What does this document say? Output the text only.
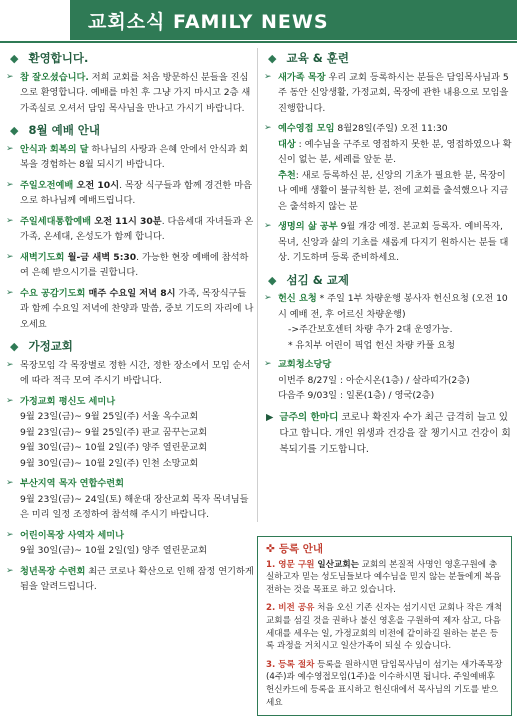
교회소식 FAMILY NEWS
◆ 환영합니다.
➢ 참 잘오셨습니다. 저희 교회를 처음 방문하신 분들을 진심으로 환영합니다. 예배를 마친 후 그냥 가지 마시고 2층 새가족실로 오셔서 담임 목사님을 만나고 가시기 바랍니다.
◆ 8월 예배 안내
➢ 안식과 회복의 달 하나님의 사랑과 은혜 안에서 안식과 회복을 경험하는 8월 되시기 바랍니다.
➢ 주일오전예배 오전 10시. 목장 식구들과 함께 경건한 마음으로 하나님께 예배드립니다.
➢ 주일세대통합예배 오전 11시 30분. 다음세대 자녀들과 온가족, 온세대, 온성도가 함께 합니다.
➢ 새벽기도회 월-금 새벽 5:30. 가능한 현장 예배에 참석하여 은혜 받으시기를 권합니다.
➢ 수요 공감기도회 매주 수요일 저녁 8시 가족, 목장식구들과 함께 수요일 저녁에 찬양과 말씀, 중보 기도의 자리에 나오세요
◆ 가정교회
➢ 목장모임 각 목장별로 정한 시간, 정한 장소에서 모임 순서에 따라 적극 모여 주시기 바랍니다.
➢ 가정교회 평신도 세미나
9월 23일(금)~ 9월 25일(주) 서울 옥수교회
9월 23일(금)~ 9월 25일(주) 판교 꿈꾸는교회
9월 30일(금)~ 10월 2일(주) 양주 열린문교회
9월 30일(금)~ 10월 2일(주) 인천 소망교회
➢ 부산지역 목자 연합수련회
9월 23일(금)~ 24일(토) 해운대 장산교회 목자 목녀님들은 미리 일정 조정하여 참석해 주시기 바랍니다.
➢ 어린이목장 사역자 세미나
9월 30일(금)~ 10월 2일(일) 양주 열린문교회
➢ 청년목장 수련회 최근 코로나 확산으로 인해 잠정 연기하게 됨을 알려드립니다.
◆ 교육 & 훈련
➢ 새가족 목장 우리 교회 등록하시는 분들은 담임목사님과 5주 동안 신앙생활, 가정교회, 목장에 관한 내용으로 모임을 진행합니다.
➢ 예수영접 모임 8월28일(주일) 오전 11:30
대상 : 예수님을 구주로 영접하지 못한 분, 영접하였으나 확신이 없는 분, 세례를 앞둔 분.
추천: 새로 등록하신 분, 신앙의 기초가 필요한 분, 목장이나 예배 생활이 불규칙한 분, 전에 교회를 출석했으나 지금은 출석하지 않는 분
➢ 생명의 삶 공부 9월 개강 예정. 본교회 등록자. 예비목자, 목녀, 신앙과 삶의 기초를 새롭게 다지기 원하시는 분들 대상. 기도하며 등록 준비하세요.
◆ 섬김 & 교제
➢ 헌신 요청 * 주일 1부 차량운행 봉사자 헌신요청 (오전 10시 예배 전, 후 어르신 차량운행)
->주간보호센터 차량 추가 2대 운영가능.
* 유치부 어린이 픽업 헌신 차량 카풀 요청
➢ 교회청소당당
이번주 8/27일 : 아순시온(1층) / 살라띠가(2층)
다음주 9/03일 : 일론(1층) / 영국(2층)
▶ 금주의 한마디 코로나 확진자 수가 최근 급격히 늘고 있다고 합니다. 개인 위생과 건강을 잘 챙기시고 건강이 회복되기를 기도합니다.
✜ 등록 안내

1. 영문 구원 일산교회는 교회의 본질적 사명인 영혼구원에 충실하고자 믿는 성도님들보다 예수님을 믿지 않는 분들에게 복음 전하는 것을 목표로 하고 있습니다.

2. 비전 공유 처음 오신 기존 신자는 섬기시던 교회나 작은 개척교회를 섬길 것을 권하나 불신 영혼을 구원하여 제자 삼고, 다음 세대를 세우는 일, 가정교회의 비전에 같이하길 원하는 분은 등록 과정을 거치시고 일산가족이 되실 수 있습니다.

3. 등록 절차 등록을 원하시면 담임목사님이 섬기는 새가족목장(4주)과 예수영접모임(1주)을 이수하시면 됩니다. 주일예배후 헌신카드에 등록을 표시하고 헌신대에서 목사님의 기도를 받으세요
